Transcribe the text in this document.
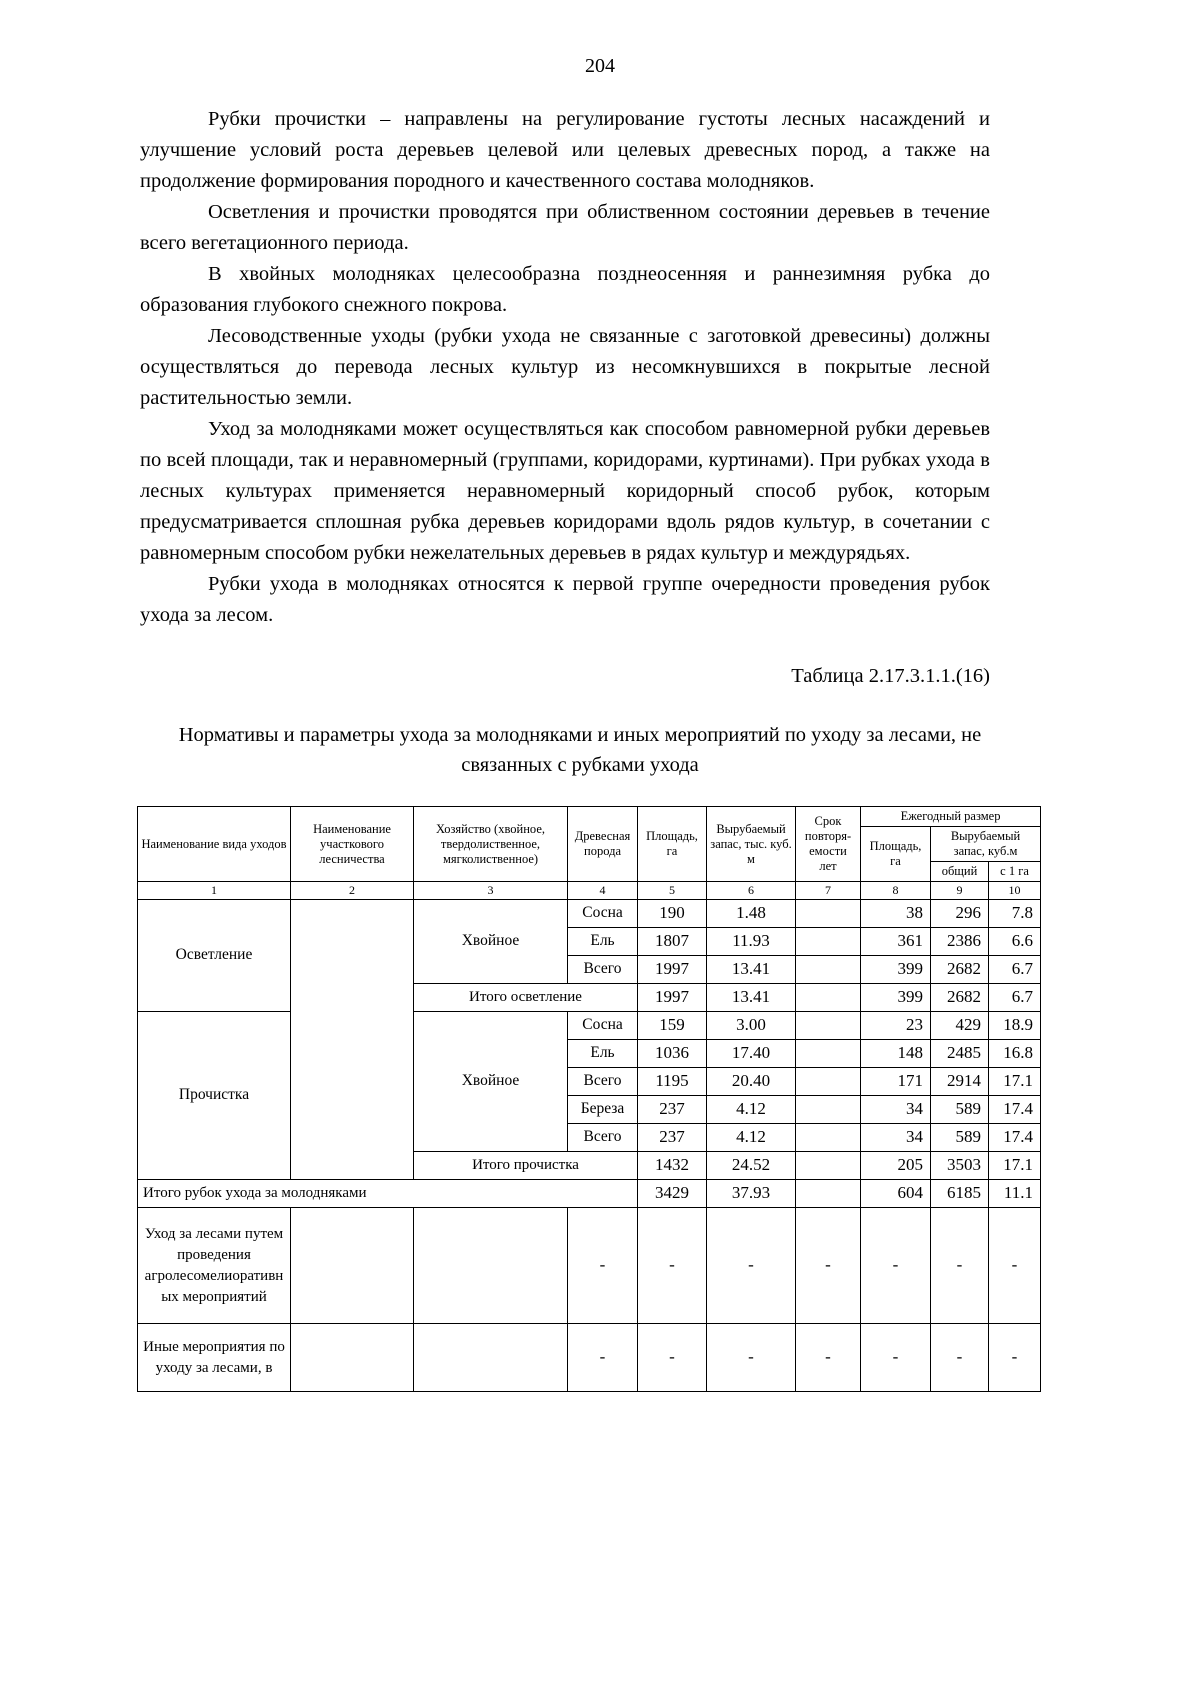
204

Рубки прочистки – направлены на регулирование густоты лесных насаждений и улучшение условий роста деревьев целевой или целевых древесных пород, а также на продолжение формирования породного и качественного состава молодняков.

Осветления и прочистки проводятся при облиственном состоянии деревьев в течение всего вегетационного периода.

В хвойных молодняках целесообразна позднеосенняя и раннезимняя рубка до образования глубокого снежного покрова.

Лесоводственные уходы (рубки ухода не связанные с заготовкой древесины) должны осуществляться до перевода лесных культур из несомкнувшихся в покрытые лесной растительностью земли.

Уход за молодняками может осуществляться как способом равномерной рубки деревьев по всей площади, так и неравномерный (группами, коридорами, куртинами). При рубках ухода в лесных культурах применяется неравномерный коридорный способ рубок, которым предусматривается сплошная рубка деревьев коридорами вдоль рядов культур, в сочетании с равномерным способом рубки нежелательных деревьев в рядах культур и междурядьях.

Рубки ухода в молодняках относятся к первой группе очередности проведения рубок ухода за лесом.

Таблица 2.17.3.1.1.(16)
Нормативы и параметры ухода за молодняками и иных мероприятий по уходу за лесами, не связанных с рубками ухода
Наименование вида уходов	Наименование участкового лесничества	Хозяйство (хвойное, твердолиственное, мягколиственное)	Древесная порода	Площадь, га	Вырубаемый запас, тыс. куб. м	Срок повторя-емости лет	Ежегодный размер		
							Площадь, га	Вырубаемый запас, куб.м	
								общий	с 1 га
1	2	3	4	5	6	7	8	9	10
Осветление		Хвойное	Сосна	190	1.48		38	296	7.8
			Ель	1807	11.93		361	2386	6.6
			Всего	1997	13.41		399	2682	6.7
		Итого осветление		1997	13.41		399	2682	6.7
Прочистка		Хвойное	Сосна	159	3.00		23	429	18.9
			Ель	1036	17.40		148	2485	16.8
			Всего	1195	20.40		171	2914	17.1
			Береза	237	4.12		34	589	17.4
			Всего	237	4.12		34	589	17.4
		Итого прочистка		1432	24.52		205	3503	17.1
Итого рубок ухода за молодняками				3429	37.93		604	6185	11.1
Уход за лесами путем проведения агролесомелиоративных мероприятий			-	-	-	-	-	-	-
Иные мероприятия по уходу за лесами, в			-	-	-	-	-	-	-
